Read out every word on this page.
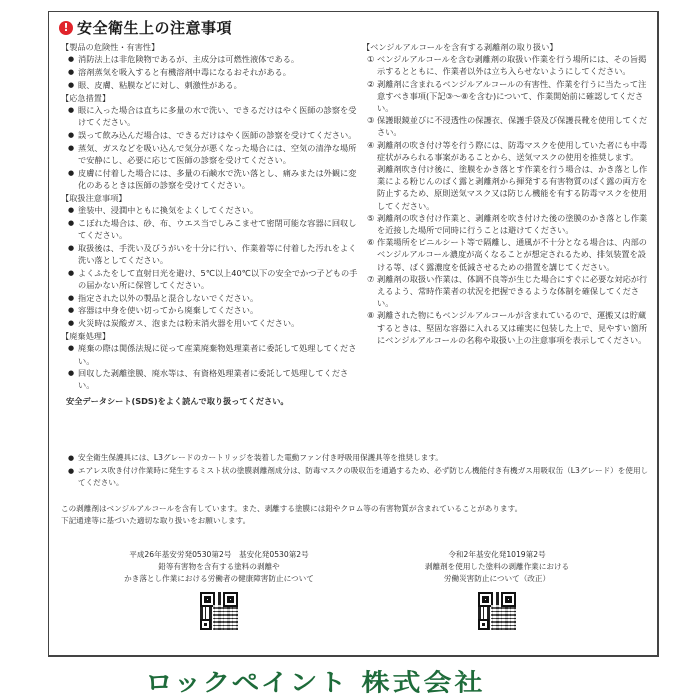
! 安全衛生上の注意事項
【製品の危険性・有害性】
● 消防法上は非危険物であるが、主成分は可燃性液体である。
● 溶剤蒸気を吸入すると有機溶剤中毒になるおそれがある。
● 眼、皮膚、粘膜などに対し、刺激性がある。
【応急措置】
● 眼に入った場合は直ちに多量の水で洗い、できるだけはやく医師の診察を受けてください。
● 誤って飲み込んだ場合は、できるだけはやく医師の診察を受けてください。
● 蒸気、ガスなどを吸い込んで気分が悪くなった場合には、空気の清浄な場所で安静にし、必要に応じて医師の診察を受けてください。
● 皮膚に付着した場合には、多量の石鹸水で洗い落とし、痛みまたは外観に変化のあるときは医師の診察を受けてください。
【取扱注意事項】
● 塗装中、浸潤中ともに換気をよくしてください。
● こぼれた場合は、砂、布、ウエス当でしみこませて密閉可能な容器に回収してください。
● 取扱後は、手洗い及びうがいを十分に行い、作業着等に付着した汚れをよく洗い落としてください。
● よくふたをして直射日光を避け、5℃以上40℃以下の安全でかつ子どもの手の届かない所に保管してください。
● 指定された以外の製品と混合しないでください。
● 容器は中身を使い切ってから廃棄してください。
● 火災時は炭酸ガス、泡または粉末消火器を用いてください。
【廃棄処理】
● 廃棄の際は関係法規に従って産業廃棄物処理業者に委託して処理してください。
● 回収した剥離塗膜、廃水等は、有資格処理業者に委託して処理してください。
安全データシート(SDS)をよく読んで取り扱ってください。
【ベンジルアルコールを含有する剥離剤の取り扱い】
① ベンジルアルコールを含む剥離剤の取扱い作業を行う場所には、その旨掲示するとともに、作業者以外は立ち入らせないようにしてください。
② 剥離剤に含まれるベンジルアルコールの有害性、作業を行うに当たって注意すべき事項(下記③〜⑧を含む)について、作業開始前に確認してください。
③ 保護眼鏡並びに不浸透性の保護衣、保護手袋及び保護長靴を使用してください。
④ 剥離剤の吹き付け等を行う際には、防毒マスクを使用していた者にも中毒症状がみられる事案があることから、送気マスクの使用を推奨します。
剥離剤吹き付け後に、塗膜をかき落とす作業を行う場合は、かき落とし作業による粉じんのばく露と剥離剤から揮発する有害物質のばく露の両方を防止するため、原則送気マスク又は防じん機能を有する防毒マスクを使用してください。
⑤ 剥離剤の吹き付け作業と、剥離剤を吹き付けた後の塗膜のかき落とし作業を近接した場所で同時に行うことは避けてください。
⑥ 作業場所をビニルシート等で隔離し、通風が不十分となる場合は、内部のベンジルアルコール濃度が高くなることが想定されるため、排気装置を設ける等、ばく露濃度を低減させるための措置を講じてください。
⑦ 剥離剤の取扱い作業は、体調不良等が生じた場合にすぐに必要な対応が行えるよう、常時作業者の状況を把握できるような体制を確保してください。
⑧ 剥離された物にもベンジルアルコールが含まれているので、運搬又は貯蔵するときは、堅固な容器に入れる又は確実に包装した上で、見やすい箇所にベンジルアルコールの名称や取扱い上の注意事項を表示してください。
● 安全衛生保護具には、L3グレードのカートリッジを装着した電動ファン付き呼吸用保護具等を推奨します。
● エアレス吹き付け作業時に発生するミスト状の塗膜剥離剤成分は、防毒マスクの吸収缶を通過するため、必ず防じん機能付き有機ガス用吸収缶（L3グレード）を使用してください。
この剥離剤はベンジルアルコールを含有しています。また、剥離する塗膜には鉛やクロム等の有害物質が含まれていることがあります。
下記通達等に基づいた適切な取り扱いをお願いします。
平成26年基安労発0530第2号　基安化発0530第2号
鉛等有害物を含有する塗料の剥離や
かき落とし作業における労働者の健康障害防止について
令和2年基安化発1019第2号
剥離剤を使用した塗料の剥離作業における
労働災害防止について（改正）
ロックペイント 株式会社
